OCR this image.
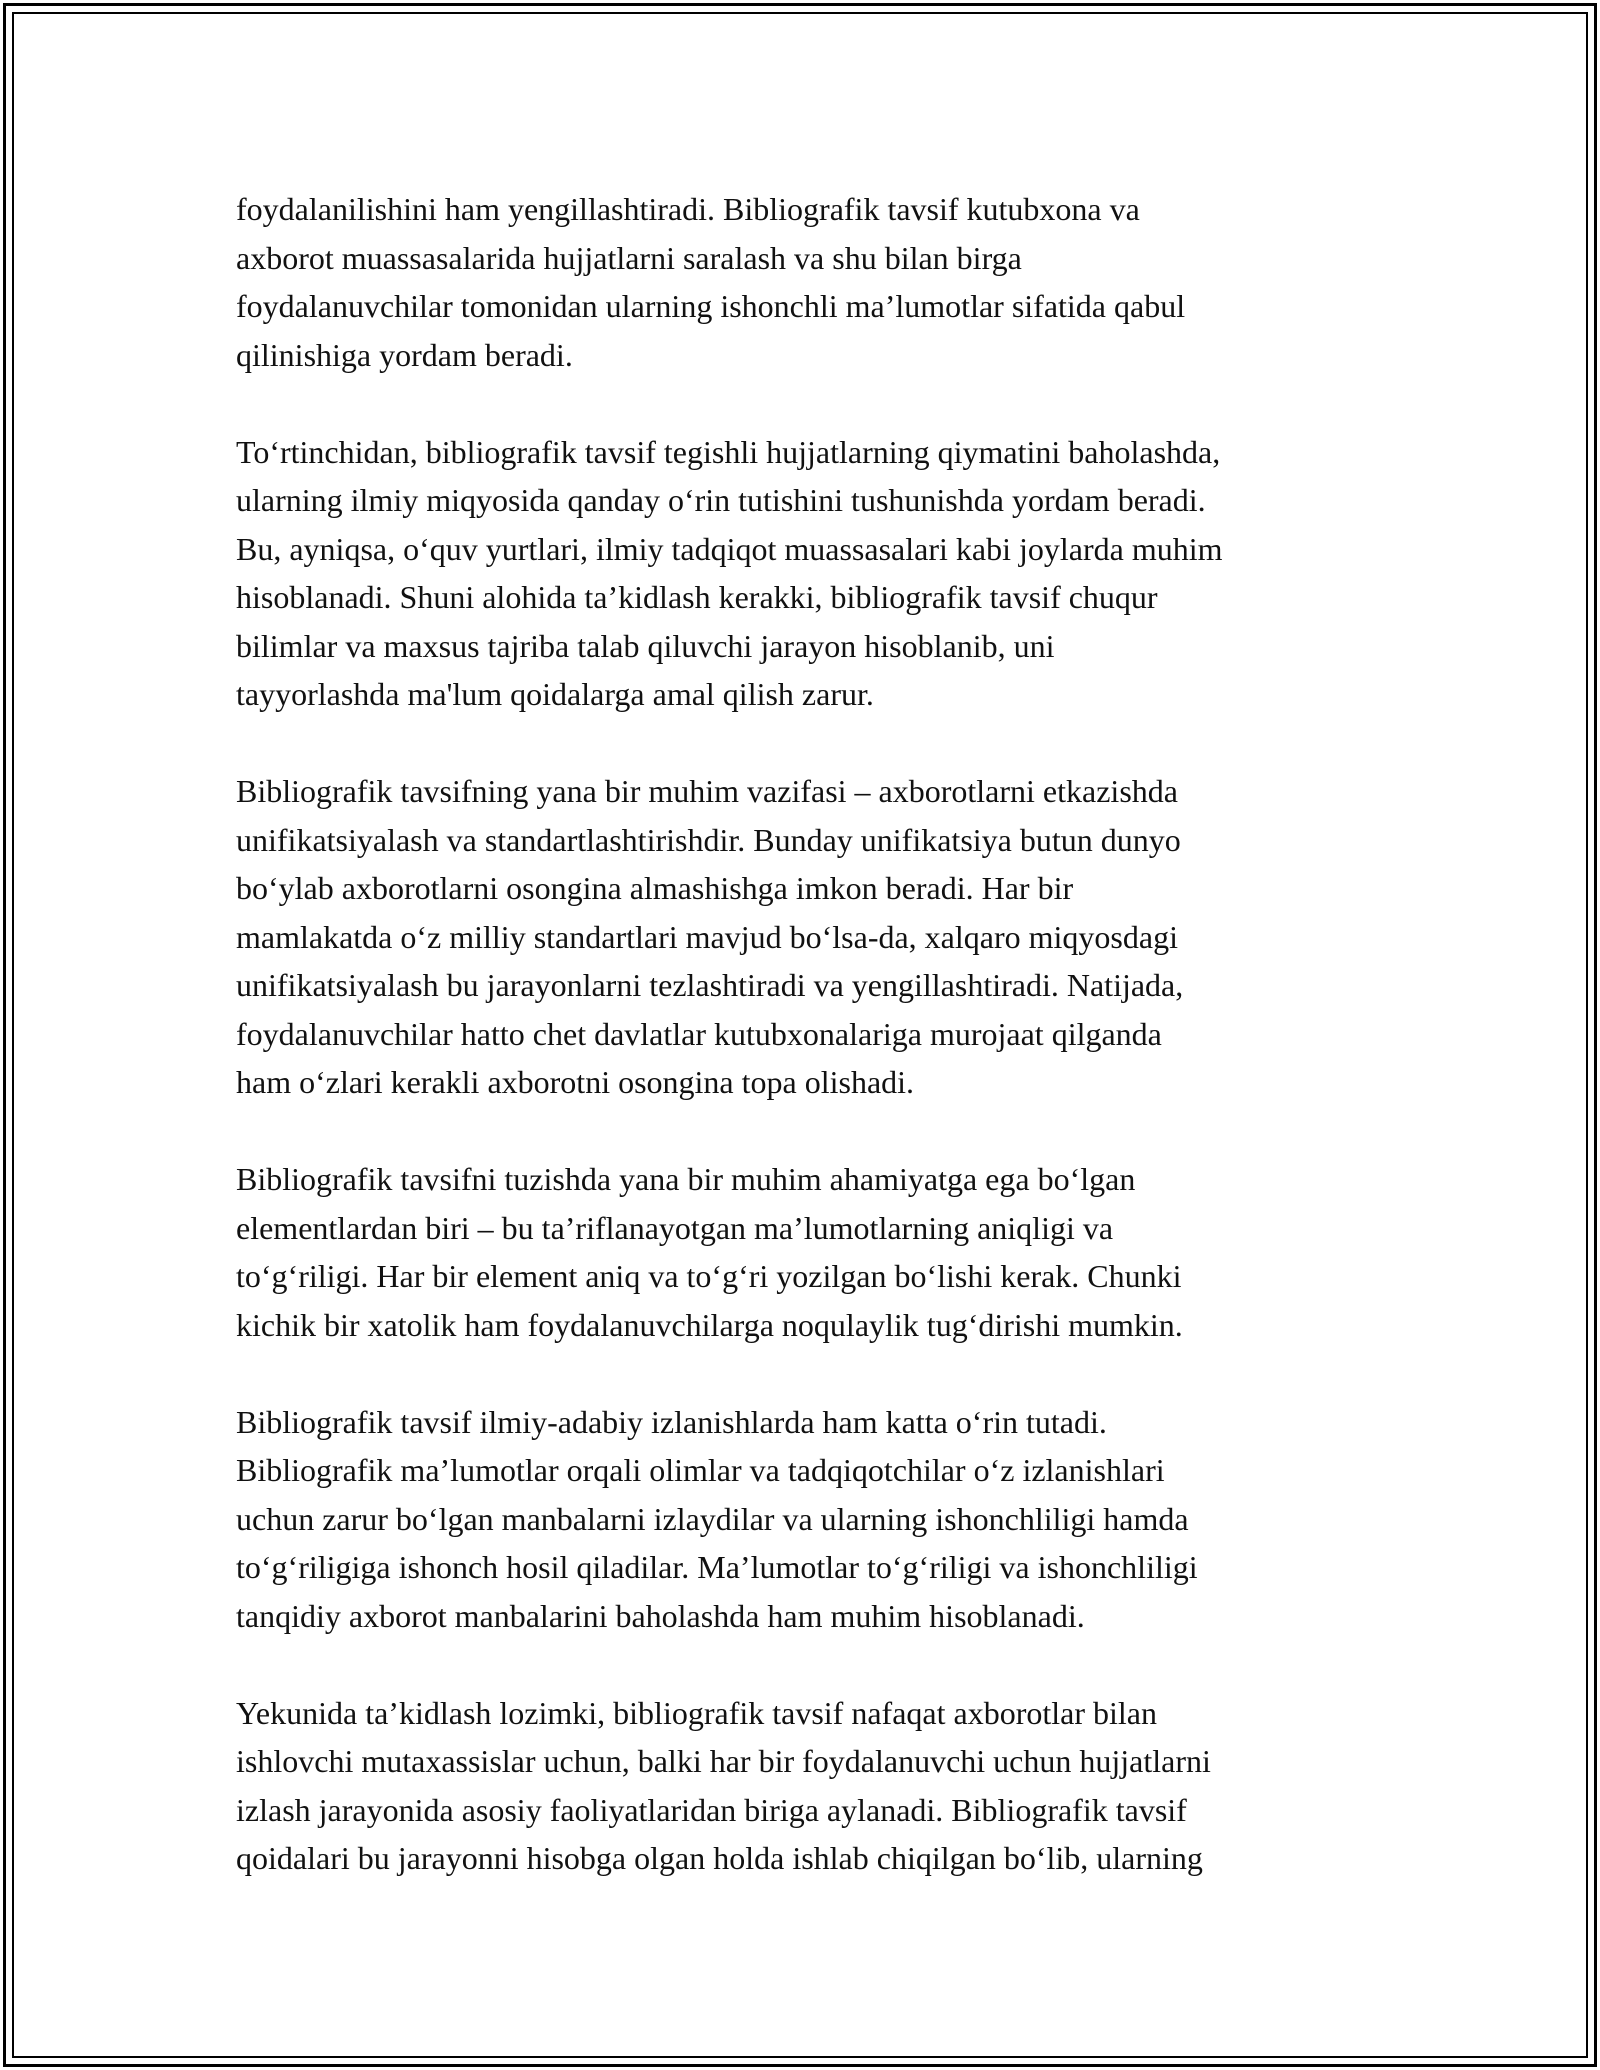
foydalanilishini ham yengillashtiradi. Bibliografik tavsif kutubxona va
axborot muassasalarida hujjatlarni saralash va shu bilan birga
foydalanuvchilar tomonidan ularning ishonchli ma’lumotlar sifatida qabul
qilinishiga yordam beradi.

To‘rtinchidan, bibliografik tavsif tegishli hujjatlarning qiymatini baholashda,
ularning ilmiy miqyosida qanday o‘rin tutishini tushunishda yordam beradi.
Bu, ayniqsa, o‘quv yurtlari, ilmiy tadqiqot muassasalari kabi joylarda muhim
hisoblanadi. Shuni alohida ta’kidlash kerakki, bibliografik tavsif chuqur
bilimlar va maxsus tajriba talab qiluvchi jarayon hisoblanib, uni
tayyorlashda ma'lum qoidalarga amal qilish zarur.

Bibliografik tavsifning yana bir muhim vazifasi – axborotlarni etkazishda
unifikatsiyalash va standartlashtirishdir. Bunday unifikatsiya butun dunyo
bo‘ylab axborotlarni osongina almashishga imkon beradi. Har bir
mamlakatda o‘z milliy standartlari mavjud bo‘lsa-da, xalqaro miqyosdagi
unifikatsiyalash bu jarayonlarni tezlashtiradi va yengillashtiradi. Natijada,
foydalanuvchilar hatto chet davlatlar kutubxonalariga murojaat qilganda
ham o‘zlari kerakli axborotni osongina topa olishadi.

Bibliografik tavsifni tuzishda yana bir muhim ahamiyatga ega bo‘lgan
elementlardan biri – bu ta’riflanayotgan ma’lumotlarning aniqligi va
to‘g‘riligi. Har bir element aniq va to‘g‘ri yozilgan bo‘lishi kerak. Chunki
kichik bir xatolik ham foydalanuvchilarga noqulaylik tug‘dirishi mumkin.

Bibliografik tavsif ilmiy-adabiy izlanishlarda ham katta o‘rin tutadi.
Bibliografik ma’lumotlar orqali olimlar va tadqiqotchilar o‘z izlanishlari
uchun zarur bo‘lgan manbalarni izlaydilar va ularning ishonchliligi hamda
to‘g‘riligiga ishonch hosil qiladilar. Ma’lumotlar to‘g‘riligi va ishonchliligi
tanqidiy axborot manbalarini baholashda ham muhim hisoblanadi.

Yekunida ta’kidlash lozimki, bibliografik tavsif nafaqat axborotlar bilan
ishlovchi mutaxassislar uchun, balki har bir foydalanuvchi uchun hujjatlarni
izlash jarayonida asosiy faoliyatlaridan biriga aylanadi. Bibliografik tavsif
qoidalari bu jarayonni hisobga olgan holda ishlab chiqilgan bo‘lib, ularning
